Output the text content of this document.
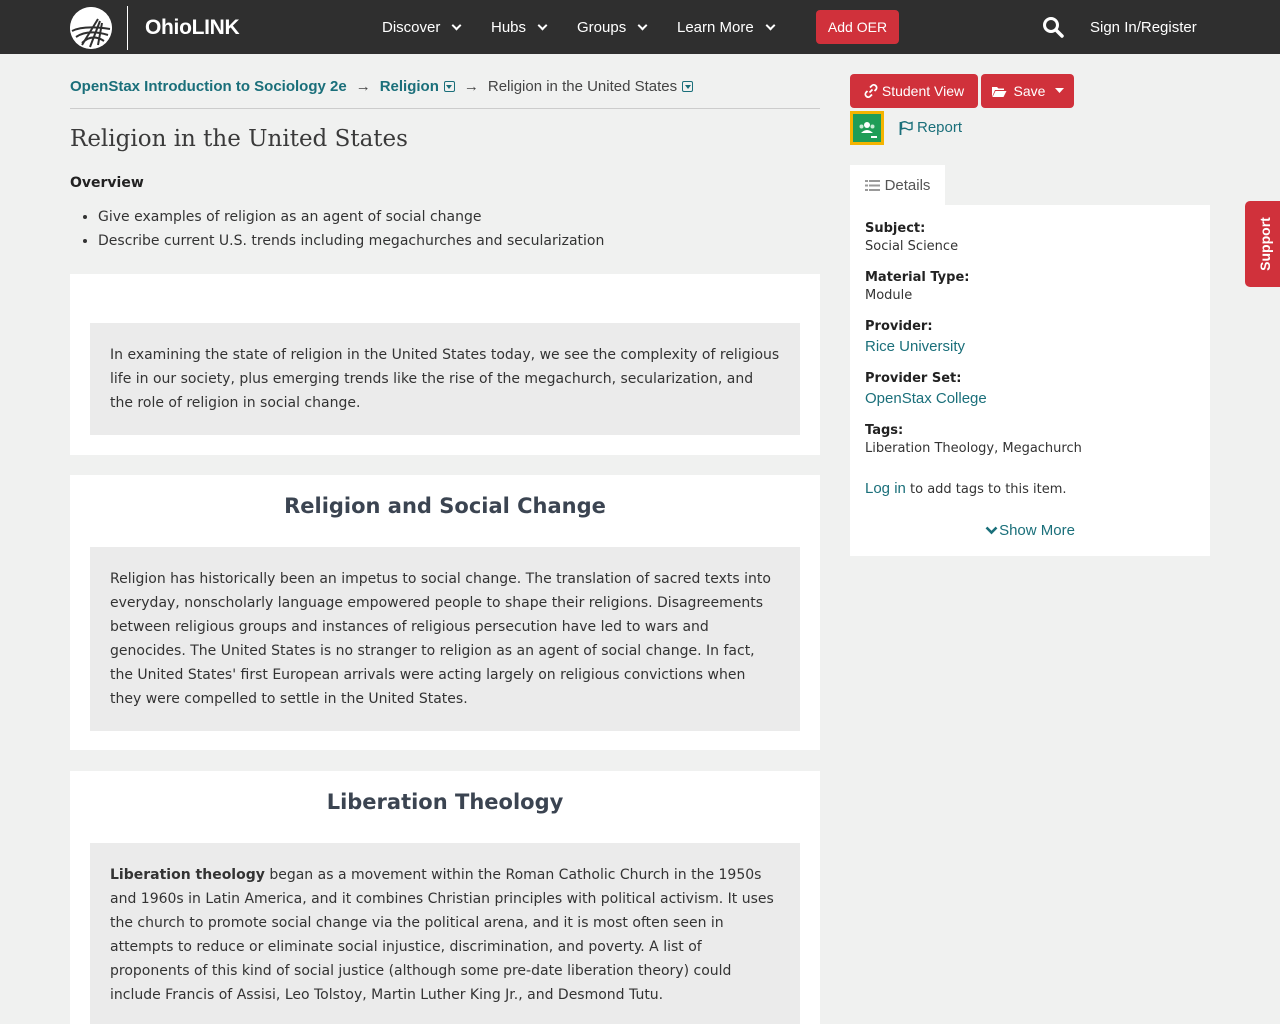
OhioLINK	Discover	Hubs	Groups	Learn More	Add OER	Sign In/Register
OpenStax Introduction to Sociology 2e → Religion	→ Religion in the United States
Religion in the United States
Overview
• Give examples of religion as an agent of social change
• Describe current U.S. trends including megachurches and secularization
In examining the state of religion in the United States today, we see the complexity of religious life in our society, plus emerging trends like the rise of the megachurch, secularization, and the role of religion in social change.
Religion and Social Change
Religion has historically been an impetus to social change. The translation of sacred texts into everyday, nonscholarly language empowered people to shape their religions. Disagreements between religious groups and instances of religious persecution have led to wars and genocides. The United States is no stranger to religion as an agent of social change. In fact, the United States' first European arrivals were acting largely on religious convictions when they were compelled to settle in the United States.
Liberation Theology
Liberation theology began as a movement within the Roman Catholic Church in the 1950s and 1960s in Latin America, and it combines Christian principles with political activism. It uses the church to promote social change via the political arena, and it is most often seen in attempts to reduce or eliminate social injustice, discrimination, and poverty. A list of proponents of this kind of social justice (although some pre-date liberation theory) could include Francis of Assisi, Leo Tolstoy, Martin Luther King Jr., and Desmond Tutu.
Student View	Save
Report
Details
Subject:
Social Science
Material Type:
Module
Provider:
Rice University
Provider Set:
OpenStax College
Tags:
Liberation Theology, Megachurch
Log in to add tags to this item.
Show More
Support
